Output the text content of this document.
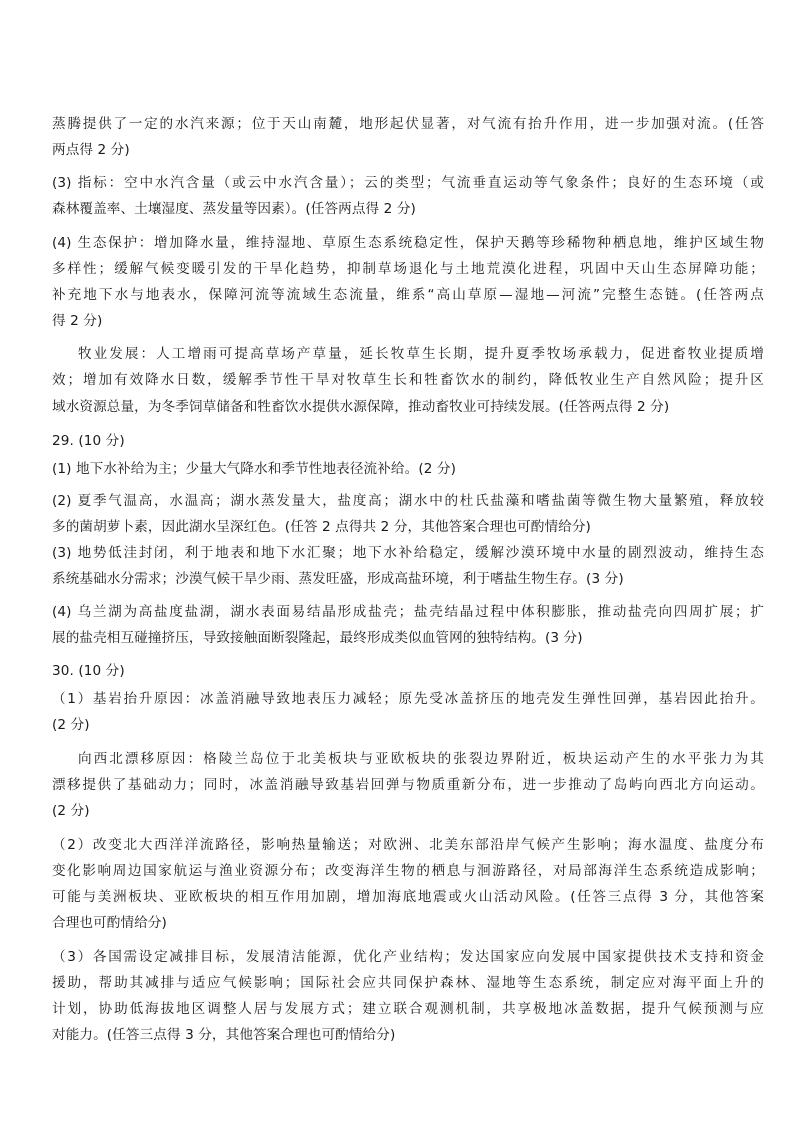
蒸腾提供了一定的水汽来源；位于天山南麓，地形起伏显著，对气流有抬升作用，进一步加强对流。(任答
两点得 2 分)
(3) 指标：空中水汽含量（或云中水汽含量）；云的类型；气流垂直运动等气象条件；良好的生态环境（或
森林覆盖率、土壤湿度、蒸发量等因素）。(任答两点得 2 分)
(4) 生态保护：增加降水量，维持湿地、草原生态系统稳定性，保护天鹅等珍稀物种栖息地，维护区域生物
多样性；缓解气候变暖引发的干旱化趋势，抑制草场退化与土地荒漠化进程，巩固中天山生态屏障功能；
补充地下水与地表水，保障河流等流域生态流量，维系“高山草原—湿地—河流”完整生态链。(任答两点
得 2 分)
牧业发展：人工增雨可提高草场产草量，延长牧草生长期，提升夏季牧场承载力，促进畜牧业提质增
效；增加有效降水日数，缓解季节性干旱对牧草生长和牲畜饮水的制约，降低牧业生产自然风险；提升区
域水资源总量，为冬季饲草储备和牲畜饮水提供水源保障，推动畜牧业可持续发展。(任答两点得 2 分)
29. (10 分)
(1) 地下水补给为主；少量大气降水和季节性地表径流补给。(2 分)
(2) 夏季气温高，水温高；湖水蒸发量大，盐度高；湖水中的杜氏盐藻和嗜盐菌等微生物大量繁殖，释放较
多的菌胡萝卜素，因此湖水呈深红色。(任答 2 点得共 2 分，其他答案合理也可酌情给分)
(3) 地势低洼封闭，利于地表和地下水汇聚；地下水补给稳定，缓解沙漠环境中水量的剧烈波动，维持生态
系统基础水分需求；沙漠气候干旱少雨、蒸发旺盛，形成高盐环境，利于嗜盐生物生存。(3 分)
(4) 乌兰湖为高盐度盐湖，湖水表面易结晶形成盐壳；盐壳结晶过程中体积膨胀，推动盐壳向四周扩展；扩
展的盐壳相互碰撞挤压，导致接触面断裂隆起，最终形成类似血管网的独特结构。(3 分)
30. (10 分)
（1）基岩抬升原因：冰盖消融导致地表压力减轻；原先受冰盖挤压的地壳发生弹性回弹，基岩因此抬升。
(2 分)
向西北漂移原因：格陵兰岛位于北美板块与亚欧板块的张裂边界附近，板块运动产生的水平张力为其
漂移提供了基础动力；同时，冰盖消融导致基岩回弹与物质重新分布，进一步推动了岛屿向西北方向运动。
(2 分)
（2）改变北大西洋洋流路径，影响热量输送；对欧洲、北美东部沿岸气候产生影响；海水温度、盐度分布
变化影响周边国家航运与渔业资源分布；改变海洋生物的栖息与洄游路径，对局部海洋生态系统造成影响；
可能与美洲板块、亚欧板块的相互作用加剧，增加海底地震或火山活动风险。(任答三点得 3 分，其他答案
合理也可酌情给分)
（3）各国需设定减排目标，发展清洁能源，优化产业结构；发达国家应向发展中国家提供技术支持和资金
援助，帮助其减排与适应气候影响；国际社会应共同保护森林、湿地等生态系统，制定应对海平面上升的
计划，协助低海拔地区调整人居与发展方式；建立联合观测机制，共享极地冰盖数据，提升气候预测与应
对能力。(任答三点得 3 分，其他答案合理也可酌情给分)
